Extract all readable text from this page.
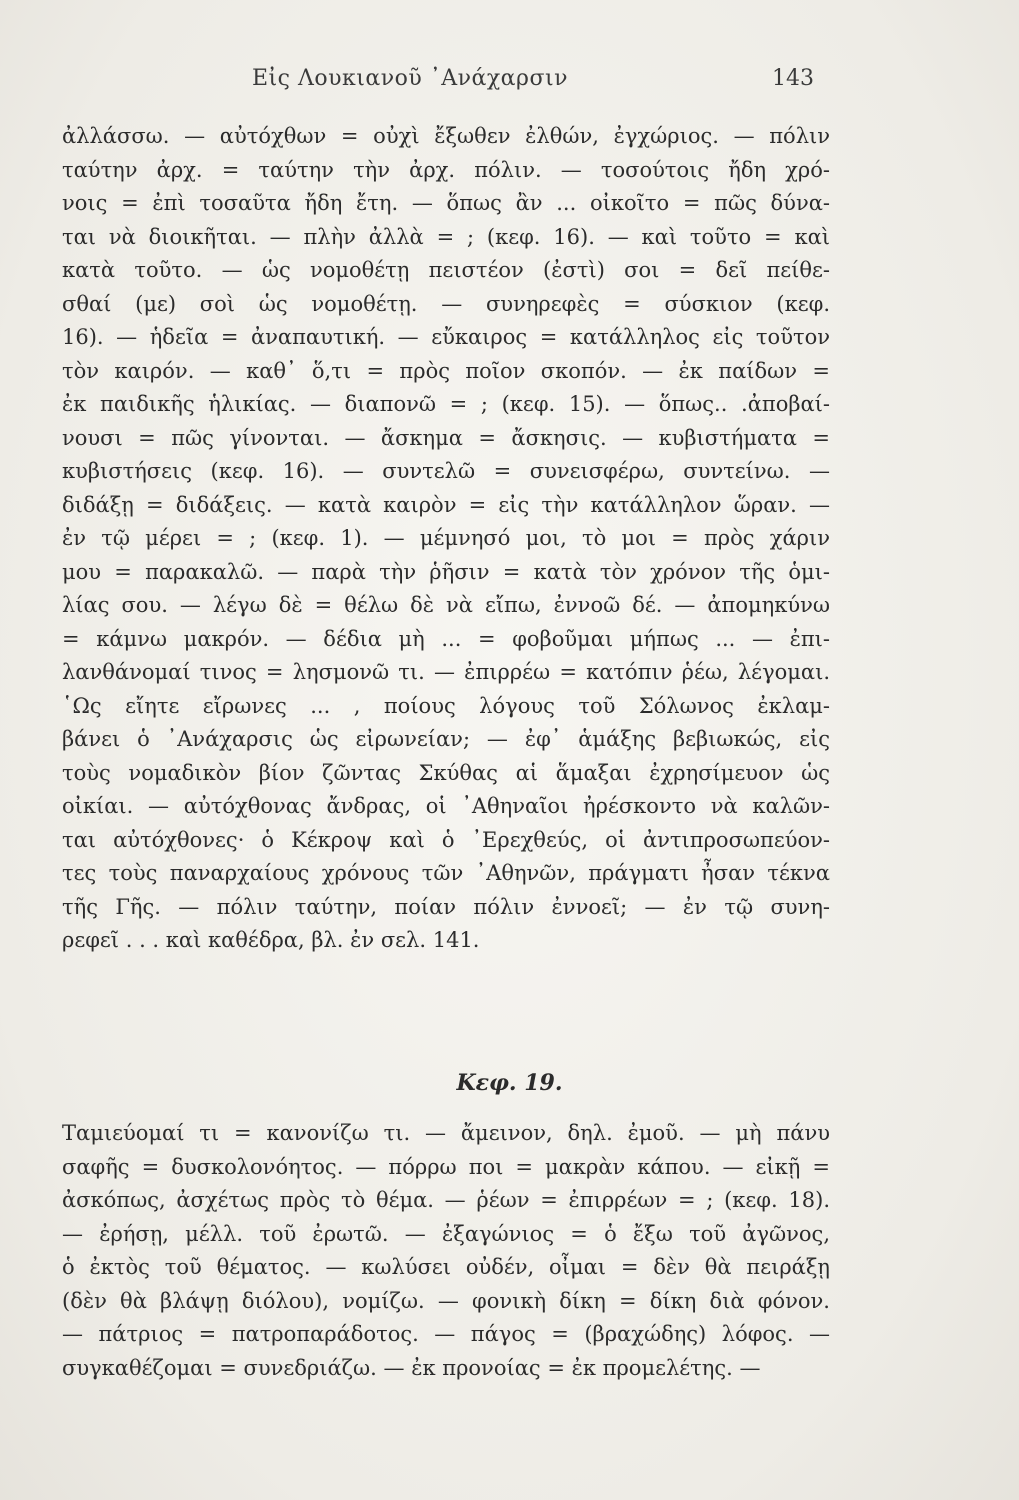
Εἰς Λουκιανοῦ ᾿Ανάχαρσιν	143
ἀλλάσσω. — αὐτόχθων = οὐχὶ ἔξωθεν ἐλθών, ἐγχώριος. — πόλιν
ταύτην ἀρχ. = ταύτην τὴν ἀρχ. πόλιν. — τοσούτοις ἤδη χρό-
νοις = ἐπὶ τοσαῦτα ἤδη ἔτη. — ὅπως ἂν ... οἰκοῖτο = πῶς δύνα-
ται νὰ διοικῆται. — πλὴν ἀλλὰ = ; (κεφ. 16). — καὶ τοῦτο = καὶ
κατὰ τοῦτο. — ὡς νομοθέτῃ πειστέον (ἐστὶ) σοι = δεῖ πείθε-
σθαί (με) σοὶ ὡς νομοθέτῃ. — συνηρεφὲς = σύσκιον (κεφ.
16). — ἡδεῖα = ἀναπαυτική. — εὔκαιρος = κατάλληλος εἰς τοῦτον
τὸν καιρόν. — καθ᾿ ὅ,τι = πρὸς ποῖον σκοπόν. — ἐκ παίδων =
ἐκ παιδικῆς ἡλικίας. — διαπονῶ = ; (κεφ. 15). — ὅπως.. .ἀποβαί-
νουσι = πῶς γίνονται. — ἄσκημα = ἄσκησις. — κυβιστήματα =
κυβιστήσεις (κεφ. 16). — συντελῶ = συνεισφέρω, συντείνω. —
διδάξῃ = διδάξεις. — κατὰ καιρὸν = εἰς τὴν κατάλληλον ὥραν. —
ἐν τῷ μέρει = ; (κεφ. 1). — μέμνησό μοι, τὸ μοι = πρὸς χάριν
μου = παρακαλῶ. — παρὰ τὴν ῥῆσιν = κατὰ τὸν χρόνον τῆς ὁμι-
λίας σου. — λέγω δὲ = θέλω δὲ νὰ εἴπω, ἐννοῶ δέ. — ἀπομηκύνω
= κάμνω μακρόν. — δέδια μὴ ... = φοβοῦμαι μήπως ... — ἐπι-
λανθάνομαί τινος = λησμονῶ τι. — ἐπιρρέω = κατόπιν ῥέω, λέγομαι.
῾Ως εἴητε εἴρωνες ... , ποίους λόγους τοῦ Σόλωνος ἐκλαμ-
βάνει ὁ ᾿Ανάχαρσις ὡς εἰρωνείαν; — ἐφ᾿ ἁμάξης βεβιωκώς, εἰς
τοὺς νομαδικὸν βίον ζῶντας Σκύθας αἱ ἅμαξαι ἐχρησίμευον ὡς
οἰκίαι. — αὐτόχθονας ἄνδρας, οἱ ᾿Αθηναῖοι ἠρέσκοντο νὰ καλῶν-
ται αὐτόχθονες· ὁ Κέκροψ καὶ ὁ ᾿Ερεχθεύς, οἱ ἀντιπροσωπεύον-
τες τοὺς παναρχαίους χρόνους τῶν ᾿Αθηνῶν, πράγματι ἦσαν τέκνα
τῆς Γῆς. — πόλιν ταύτην, ποίαν πόλιν ἐννοεῖ; — ἐν τῷ συνη-
ρεφεῖ . . . καὶ καθέδρα, βλ. ἐν σελ. 141.
Κεφ. 19.
Ταμιεύομαί τι = κανονίζω τι. — ἄμεινον, δηλ. ἐμοῦ. — μὴ πάνυ
σαφῆς = δυσκολονόητος. — πόρρω ποι = μακρὰν κάπου. — εἰκῇ =
ἀσκόπως, ἀσχέτως πρὸς τὸ θέμα. — ῥέων = ἐπιρρέων = ; (κεφ. 18).
— ἐρήσῃ, μέλλ. τοῦ ἐρωτῶ. — ἐξαγώνιος = ὁ ἔξω τοῦ ἀγῶνος,
ὁ ἐκτὸς τοῦ θέματος. — κωλύσει οὐδέν, οἶμαι = δὲν θὰ πειράξῃ
(δὲν θὰ βλάψῃ διόλου), νομίζω. — φονικὴ δίκη = δίκη διὰ φόνον.
— πάτριος = πατροπαράδοτος. — πάγος = (βραχώδης) λόφος. —
συγκαθέζομαι = συνεδριάζω. — ἐκ προνοίας = ἐκ προμελέτης. —
